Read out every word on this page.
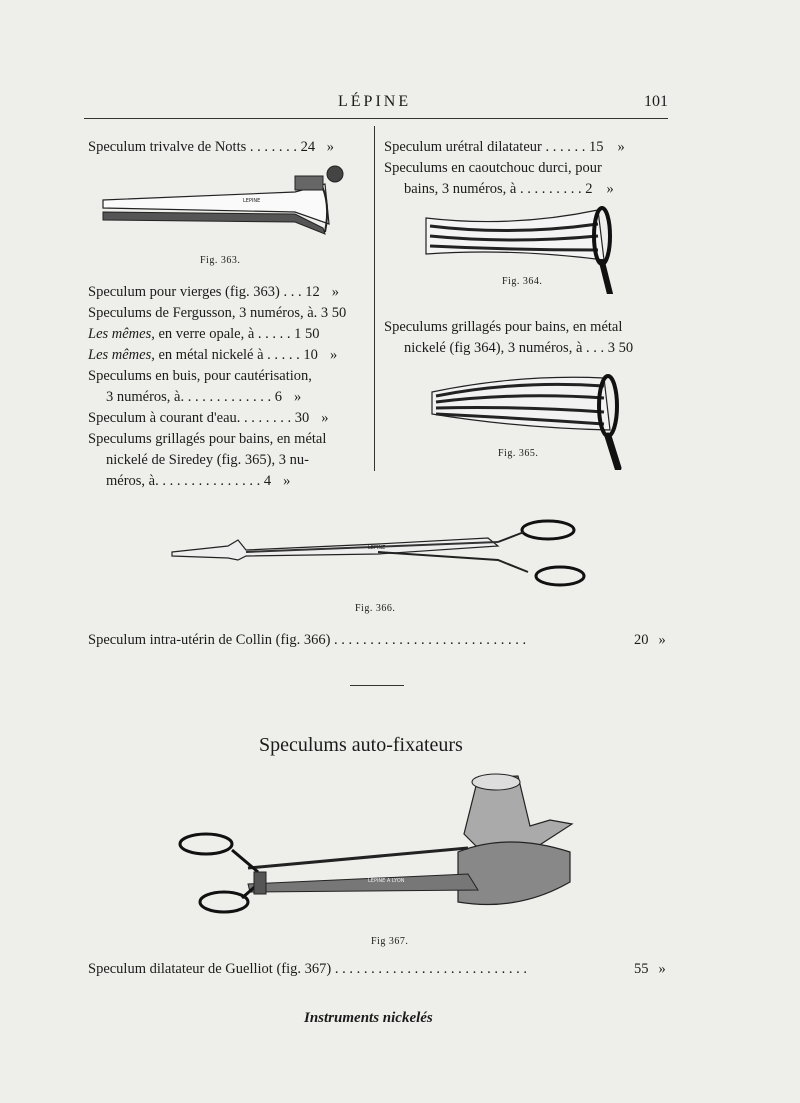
LÉPINE	101
Speculum trivalve de Notts . . . . . . . 24 »
LEPINE
Fig. 363.
Speculum pour vierges (fig. 363) . . . 12 »
Speculums de Fergusson, 3 numéros, à. 3 50
Les mêmes, en verre opale, à . . . . . 1 50
Les mêmes, en métal nickelé à . . . . . 10 »
Speculums en buis, pour cautérisation,
3 numéros, à. . . . . . . . . . . . . 6 »
Speculum à courant d'eau. . . . . . . . 30 »
Speculums grillagés pour bains, en métal
nickelé de Siredey (fig. 365), 3 nu-
méros, à. . . . . . . . . . . . . . . 4 »
Speculum urétral dilatateur . . . . . . 15 »
Speculums en caoutchouc durci, pour
bains, 3 numéros, à . . . . . . . . . 2 »
Fig. 364.
Speculums grillagés pour bains, en métal
nickelé (fig 364), 3 numéros, à . . . 3 50
Fig. 365.
LEPINE
Fig. 366.
Speculum intra-utérin de Collin (fig. 366) . . . . . . . . . . . . . . . . . . . . . . . . . . .	20 »
Speculums auto-fixateurs
LEPINE A LYON
Fig 367.
Speculum dilatateur de Guelliot (fig. 367) . . . . . . . . . . . . . . . . . . . . . . . . . . .	55 »
Instruments nickelés
